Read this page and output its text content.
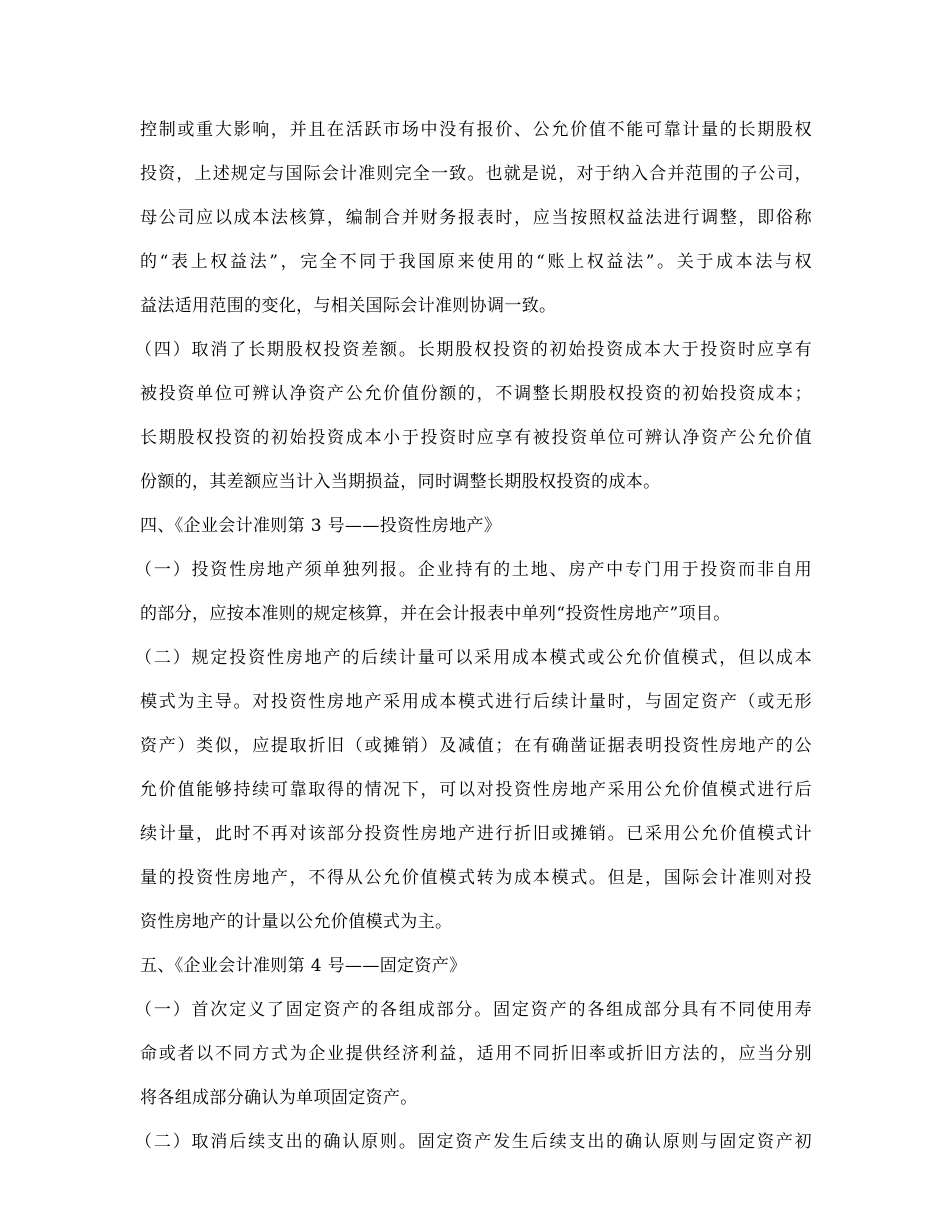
控制或重大影响，并且在活跃市场中没有报价、公允价值不能可靠计量的长期股权
投资，上述规定与国际会计准则完全一致。也就是说，对于纳入合并范围的子公司，
母公司应以成本法核算，编制合并财务报表时，应当按照权益法进行调整，即俗称
的“表上权益法”，完全不同于我国原来使用的“账上权益法”。关于成本法与权
益法适用范围的变化，与相关国际会计准则协调一致。
（四）取消了长期股权投资差额。长期股权投资的初始投资成本大于投资时应享有
被投资单位可辨认净资产公允价值份额的，不调整长期股权投资的初始投资成本；
长期股权投资的初始投资成本小于投资时应享有被投资单位可辨认净资产公允价值
份额的，其差额应当计入当期损益，同时调整长期股权投资的成本。
四、《企业会计准则第 3 号——投资性房地产》
（一）投资性房地产须单独列报。企业持有的土地、房产中专门用于投资而非自用
的部分，应按本准则的规定核算，并在会计报表中单列“投资性房地产”项目。
（二）规定投资性房地产的后续计量可以采用成本模式或公允价值模式，但以成本
模式为主导。对投资性房地产采用成本模式进行后续计量时，与固定资产（或无形
资产）类似，应提取折旧（或摊销）及减值；在有确凿证据表明投资性房地产的公
允价值能够持续可靠取得的情况下，可以对投资性房地产采用公允价值模式进行后
续计量，此时不再对该部分投资性房地产进行折旧或摊销。已采用公允价值模式计
量的投资性房地产，不得从公允价值模式转为成本模式。但是，国际会计准则对投
资性房地产的计量以公允价值模式为主。
五、《企业会计准则第 4 号——固定资产》
（一）首次定义了固定资产的各组成部分。固定资产的各组成部分具有不同使用寿
命或者以不同方式为企业提供经济利益，适用不同折旧率或折旧方法的，应当分别
将各组成部分确认为单项固定资产。
（二）取消后续支出的确认原则。固定资产发生后续支出的确认原则与固定资产初
